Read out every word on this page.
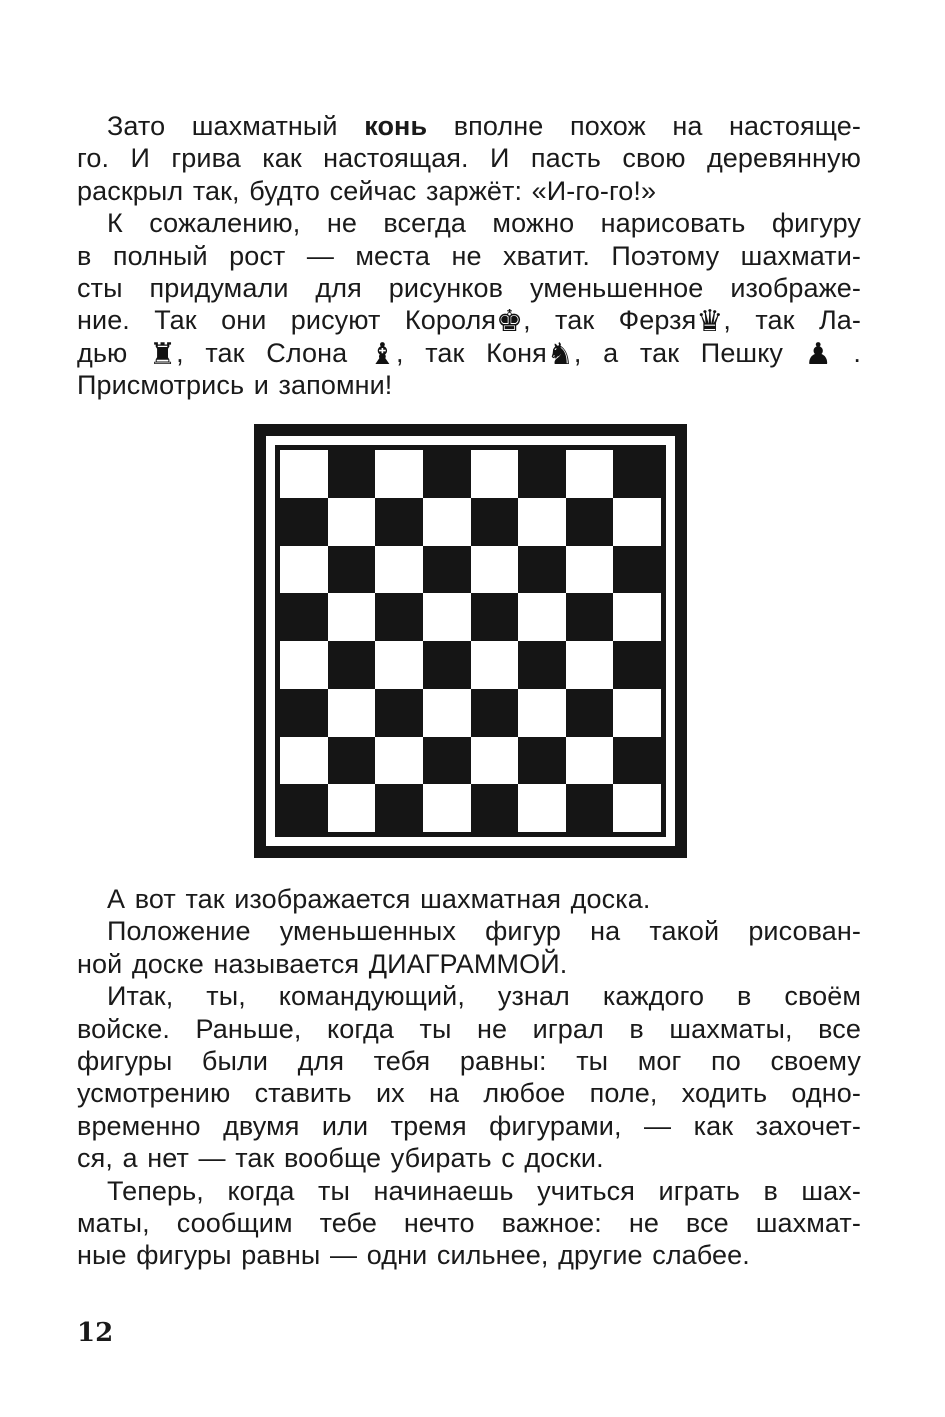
Зато шахматный конь вполне похож на настояще-
го. И грива как настоящая. И пасть свою деревянную
раскрыл так, будто сейчас заржёт: «И-го-го!»
К сожалению, не всегда можно нарисовать фигуру
в полный рост — места не хватит. Поэтому шахмати-
сты придумали для рисунков уменьшенное изображе-
ние. Так они рисуют Короля♚, так Ферзя♛, так Ла-
дью ♜, так Слона ♝, так Коня♞, а так Пешку ♟ .
Присмотрись и запомни!
А вот так изображается шахматная доска.
Положение уменьшенных фигур на такой рисован-
ной доске называется ДИАГРАММОЙ.
Итак, ты, командующий, узнал каждого в своём
войске. Раньше, когда ты не играл в шахматы, все
фигуры были для тебя равны: ты мог по своему
усмотрению ставить их на любое поле, ходить одно-
временно двумя или тремя фигурами, — как захочет-
ся, а нет — так вообще убирать с доски.
Теперь, когда ты начинаешь учиться играть в шах-
маты, сообщим тебе нечто важное: не все шахмат-
ные фигуры равны — одни сильнее, другие слабее.
12
